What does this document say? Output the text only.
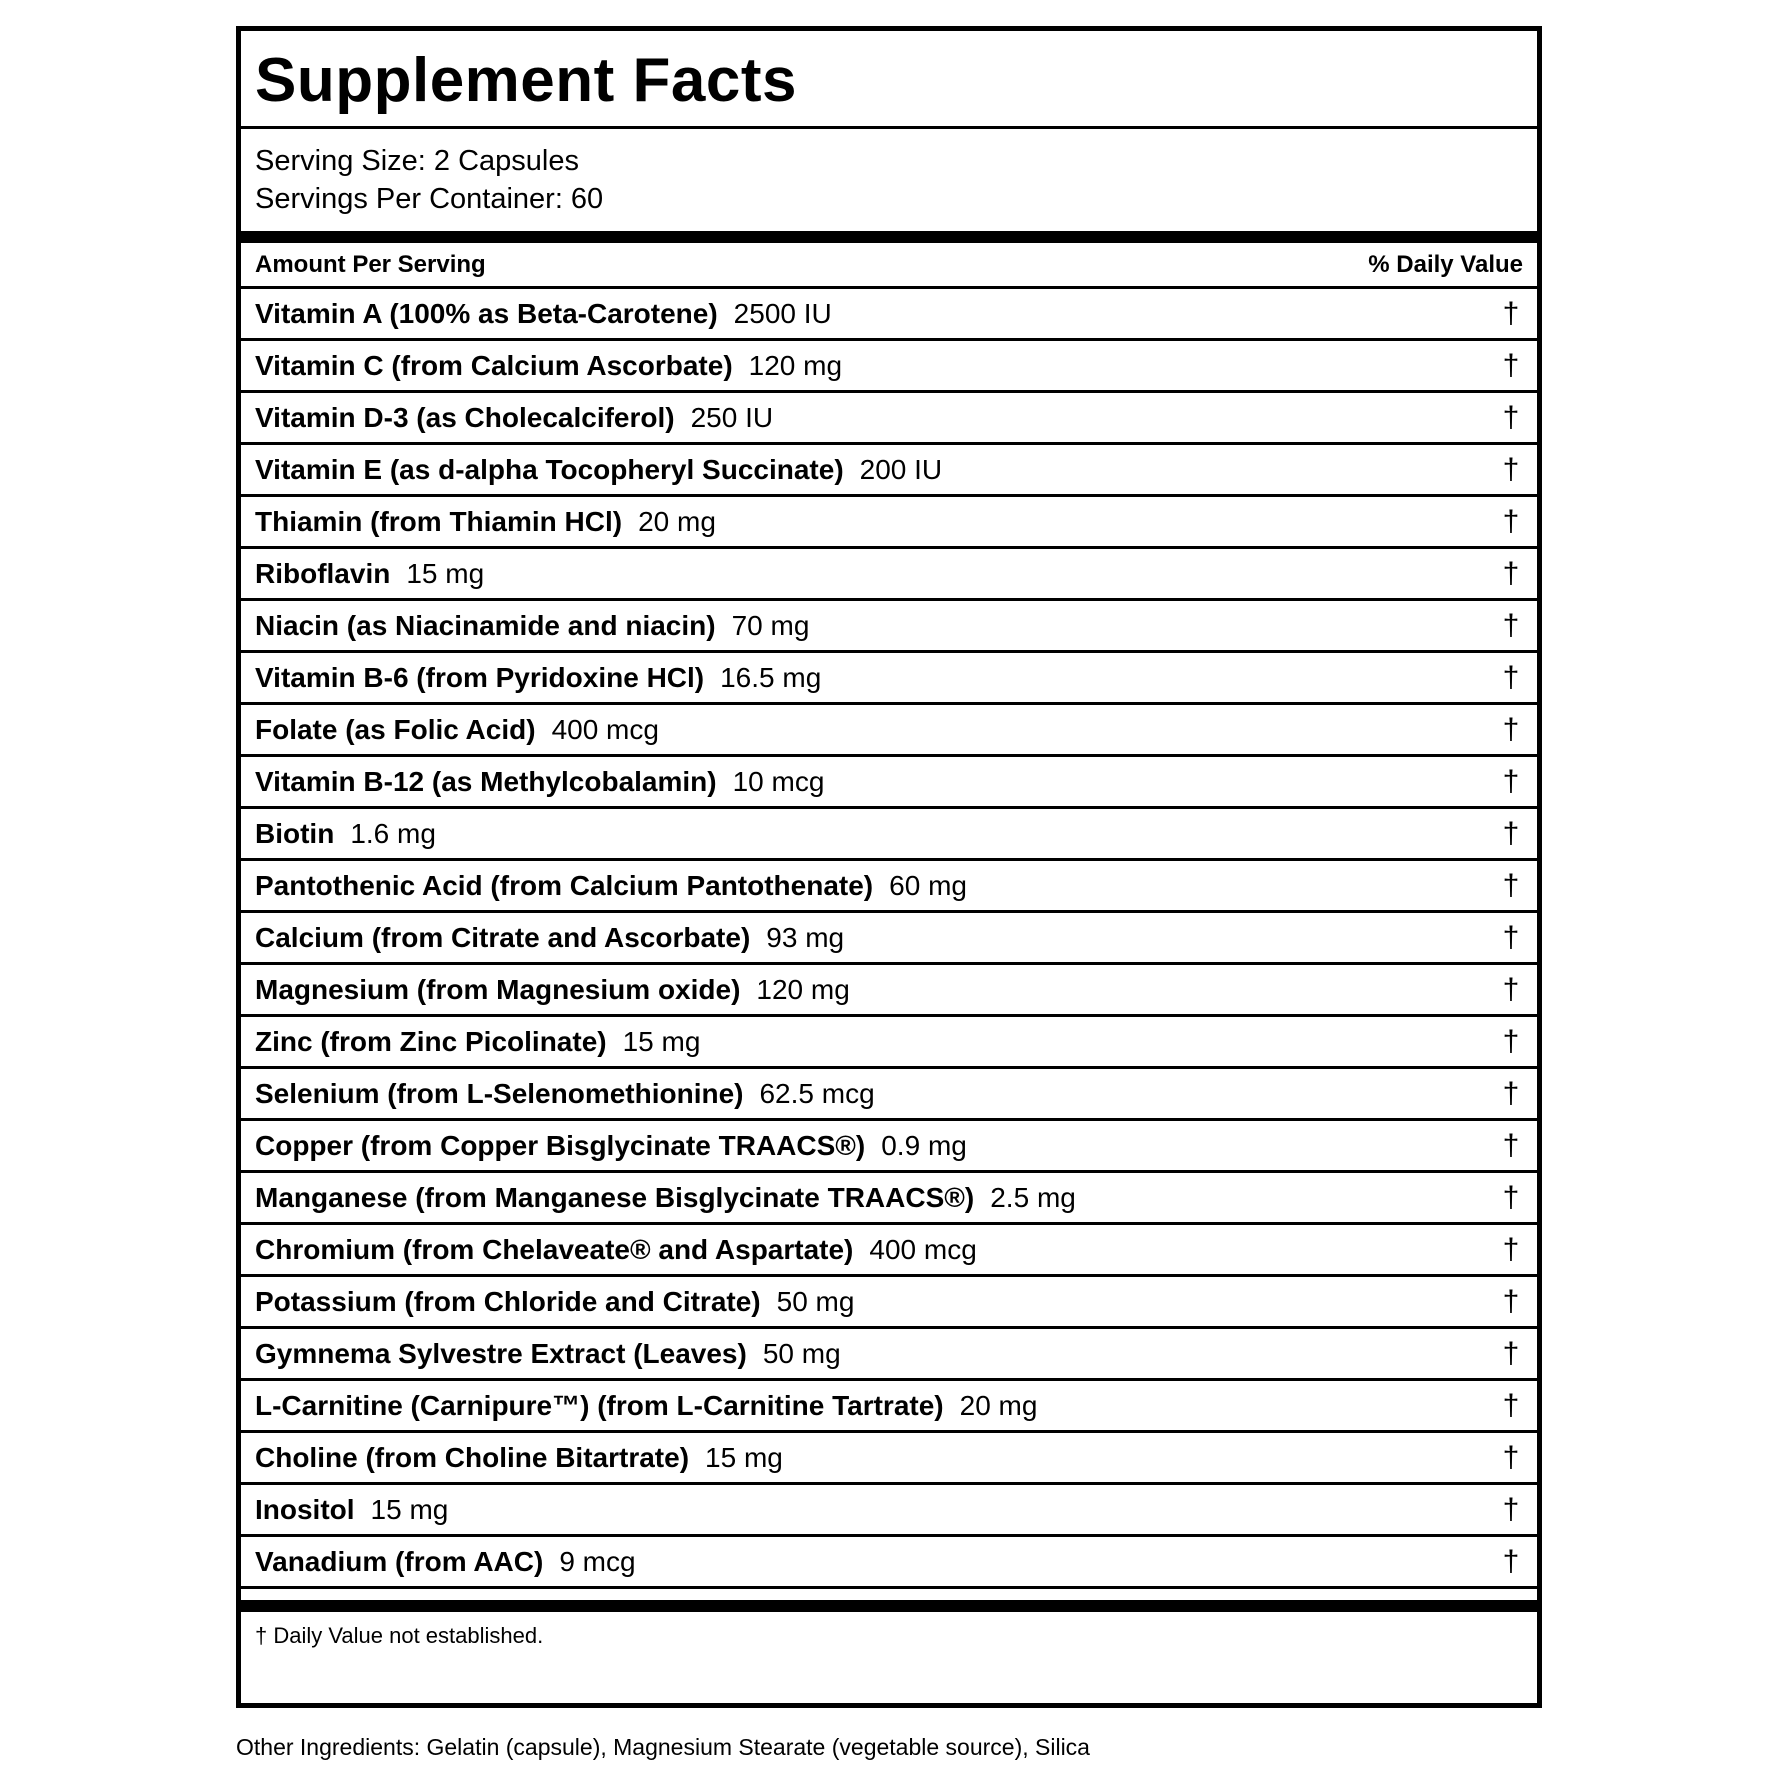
Supplement Facts
Serving Size: 2 Capsules
Servings Per Container: 60
Amount Per Serving	% Daily Value
Vitamin A (100% as Beta-Carotene) 2500 IU	†
Vitamin C (from Calcium Ascorbate) 120 mg	†
Vitamin D-3 (as Cholecalciferol) 250 IU	†
Vitamin E (as d-alpha Tocopheryl Succinate) 200 IU	†
Thiamin (from Thiamin HCl) 20 mg	†
Riboflavin 15 mg	†
Niacin (as Niacinamide and niacin) 70 mg	†
Vitamin B-6 (from Pyridoxine HCl) 16.5 mg	†
Folate (as Folic Acid) 400 mcg	†
Vitamin B-12 (as Methylcobalamin) 10 mcg	†
Biotin 1.6 mg	†
Pantothenic Acid (from Calcium Pantothenate) 60 mg	†
Calcium (from Citrate and Ascorbate) 93 mg	†
Magnesium (from Magnesium oxide) 120 mg	†
Zinc (from Zinc Picolinate) 15 mg	†
Selenium (from L-Selenomethionine) 62.5 mcg	†
Copper (from Copper Bisglycinate TRAACS®) 0.9 mg	†
Manganese (from Manganese Bisglycinate TRAACS®) 2.5 mg	†
Chromium (from Chelaveate® and Aspartate) 400 mcg	†
Potassium (from Chloride and Citrate) 50 mg	†
Gymnema Sylvestre Extract (Leaves) 50 mg	†
L-Carnitine (Carnipure™) (from L-Carnitine Tartrate) 20 mg	†
Choline (from Choline Bitartrate) 15 mg	†
Inositol 15 mg	†
Vanadium (from AAC) 9 mcg	†
† Daily Value not established.
Other Ingredients: Gelatin (capsule), Magnesium Stearate (vegetable source), Silica
